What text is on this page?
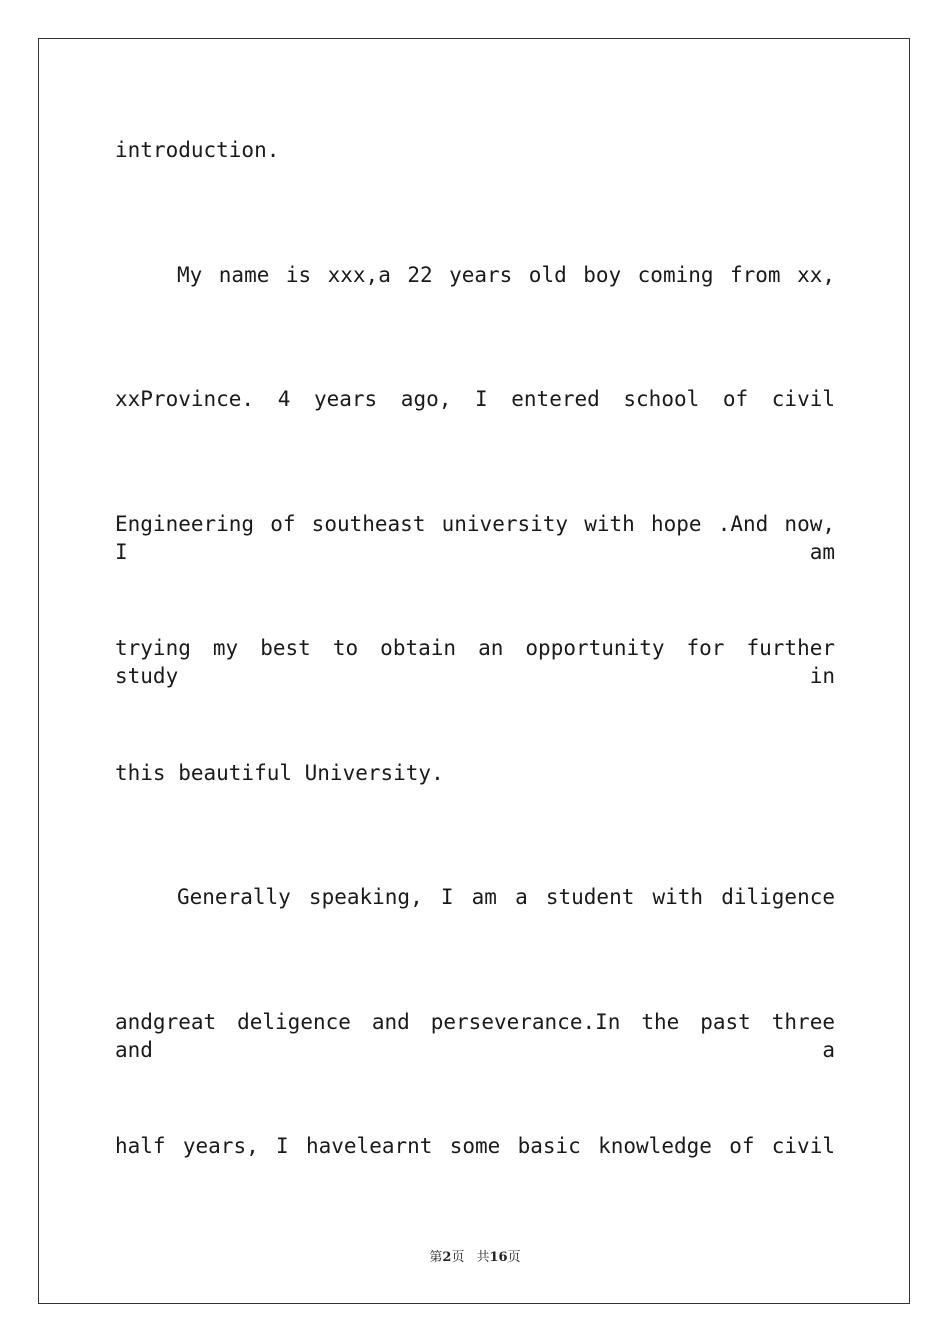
introduction.
My name is xxx,a 22 years old boy coming from xx,
xxProvince. 4 years ago, I entered school of civil
Engineering of southeast university with hope .And now, I am
trying my best to obtain an opportunity for further study in
this beautiful University.
Generally speaking, I am a student with diligence
andgreat deligence and perseverance.In the past three and a
half years, I havelearnt some basic knowledge of civil
第2页 共16页
